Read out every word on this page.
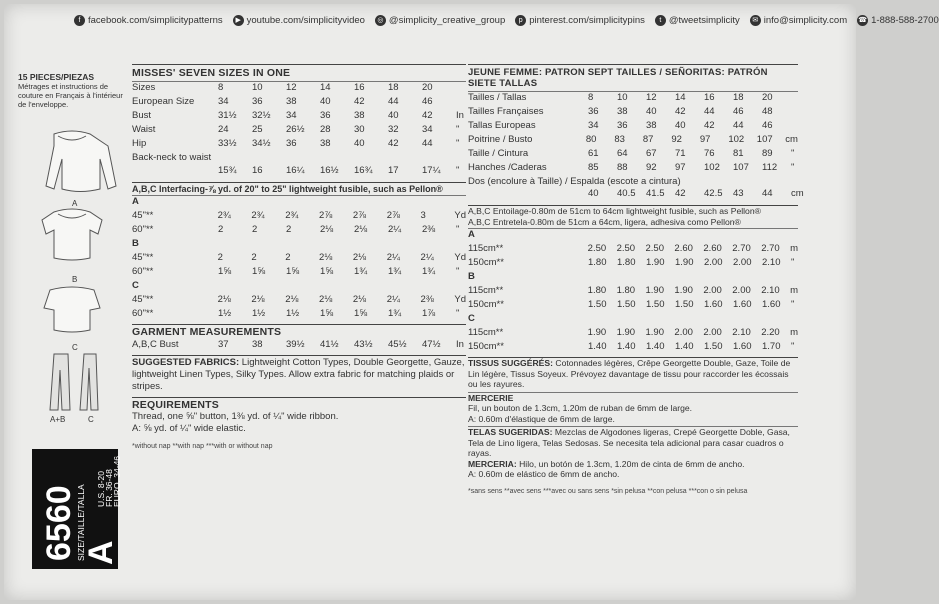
f facebook.com/simplicitypatterns	▶ youtube.com/simplicityvideo	◎ @simplicity_creative_group	p pinterest.com/simplicitypins	t @tweetsimplicity	✉ info@simplicity.com ☎ 1-888-588-2700
15 PIECES/PIEZAS
Métrages et instructions de couture en Français à l'intérieur de l'enveloppe.
A
B
C
A+B	C
6560
SIZE/TAILLE/TALLA
A
U.S. 8-20
FR. 36-48
EURO. 34-46
MISSES' SEVEN SIZES IN ONE
Sizes	8	10	12	14	16	18	20
European Size	34	36	38	40	42	44	46
Bust	31½	32½	34	36	38	40	42	In
Waist	24	25	26½	28	30	32	34	"
Hip	33½	34½	36	38	40	42	44	"
Back-neck to waist
15¾	16	16¼	16½	16¾	17	17¼	"
A,B,C Interfacing-⅞ yd. of 20" to 25" lightweight fusible, such as Pellon®
A
45"**	2¾	2¾	2¾	2⅞	2⅞	2⅞	3	Yd
60"**	2	2	2	2⅛	2⅛	2¼	2⅜	"
B
45"**	2	2	2	2⅛	2⅛	2¼	2¼	Yd
60"**	1⅝	1⅝	1⅝	1⅝	1¾	1¾	1¾	"
C
45"**	2⅛	2⅛	2⅛	2⅛	2⅛	2¼	2⅜	Yd
60"**	1½	1½	1½	1⅝	1⅝	1¾	1⅞	"
GARMENT MEASUREMENTS
A,B,C Bust	37	38	39½	41½	43½	45½	47½	In
SUGGESTED FABRICS: Lightweight Cotton Types, Double Georgette, Gauze, lightweight Linen Types, Silky Types. Allow extra fabric for matching plaids or stripes.
REQUIREMENTS
Thread, one ⅝" button, 1⅜ yd. of ¼" wide ribbon.
A: ⅝ yd. of ¼" wide elastic.
*without nap **with nap ***with or without nap
JEUNE FEMME: PATRON SEPT TAILLES / SEÑORITAS: PATRÓN SIETE TALLAS
Tailles / Tallas	8	10	12	14	16	18	20
Tailles Françaises	36	38	40	42	44	46	48
Tallas Europeas	34	36	38	40	42	44	46
Poitrine / Busto	80	83	87	92	97	102	107	cm
Taille / Cintura	61	64	67	71	76	81	89	"
Hanches /Caderas	85	88	92	97	102	107	112	"
Dos (encolure à Taille) / Espalda (escote a cintura)
40	40.5	41.5	42	42.5	43	44	cm
A,B,C Entoilage-0.80m de 51cm to 64cm lightweight fusible, such as Pellon®
A,B,C Entretela-0.80m de 51cm a 64cm, ligera, adhesiva como Pellon®
A
115cm**	2.50	2.50	2.50	2.60	2.60	2.70	2.70	m
150cm**	1.80	1.80	1.90	1.90	2.00	2.00	2.10	"
B
115cm**	1.80	1.80	1.90	1.90	2.00	2.00	2.10	m
150cm**	1.50	1.50	1.50	1.50	1.60	1.60	1.60	"
C
115cm**	1.90	1.90	1.90	2.00	2.00	2.10	2.20	m
150cm**	1.40	1.40	1.40	1.40	1.50	1.60	1.70	"
TISSUS SUGGÉRÉS: Cotonnades légères, Crêpe Georgette Double, Gaze, Toile de Lin légère, Tissus Soyeux. Prévoyez davantage de tissu pour raccorder les écossais ou les rayures.
MERCERIE
Fil, un bouton de 1.3cm, 1.20m de ruban de 6mm de large.
A: 0.60m d'élastique de 6mm de large.
TELAS SUGERIDAS: Mezclas de Algodones ligeras, Crepé Georgette Doble, Gasa, Tela de Lino ligera, Telas Sedosas. Se necesita tela adicional para casar cuadros o rayas.
MERCERIA: Hilo, un botón de 1.3cm, 1.20m de cinta de 6mm de ancho.
A: 0.60m de elástico de 6mm de ancho.
*sans sens **avec sens ***avec ou sans sens *sin pelusa **con pelusa ***con o sin pelusa
